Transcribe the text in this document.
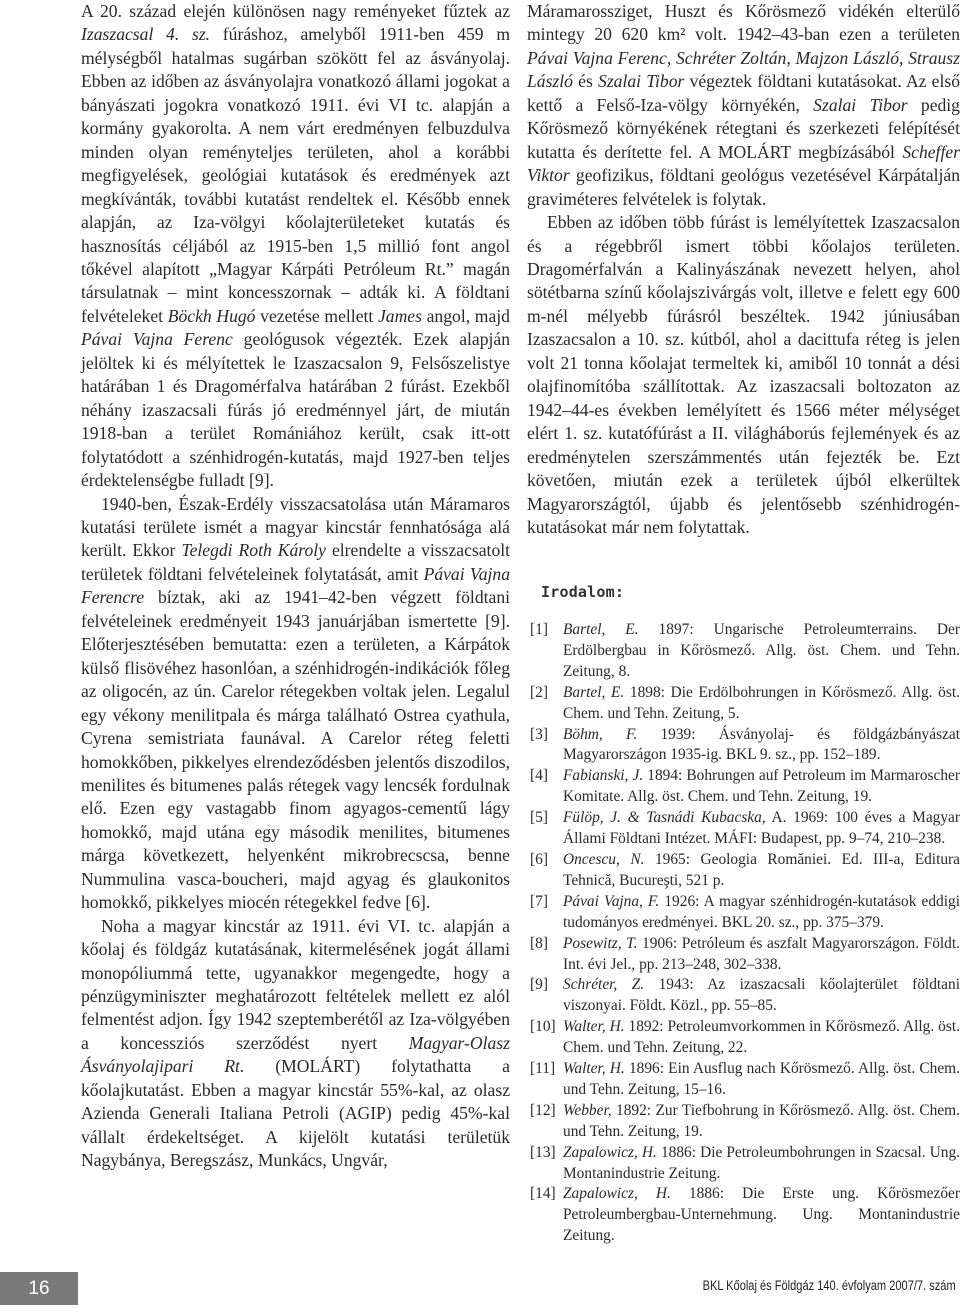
A 20. század elején különösen nagy reményeket fűztek az Izaszacsal 4. sz. fúráshoz, amelyből 1911-ben 459 m mélységből hatalmas sugárban szökött fel az ásványolaj. Ebben az időben az ásványolajra vonatkozó állami jogokat a bányászati jogokra vonatkozó 1911. évi VI tc. alapján a kormány gyakorolta. A nem várt eredményen felbuzdulva minden olyan reményteljes területen, ahol a korábbi megfigyelések, geológiai kutatások és eredmények azt megkívánták, további kutatást rendeltek el. Később ennek alapján, az Iza-völgyi kőolajterületeket kutatás és hasznosítás céljából az 1915-ben 1,5 millió font angol tőkével alapított „Magyar Kárpáti Petróleum Rt.” magán társulatnak – mint koncesszornak – adták ki. A földtani felvételeket Böckh Hugó vezetése mellett James angol, majd Pávai Vajna Ferenc geológusok végezték. Ezek alapján jelöltek ki és mélyítettek le Izaszacsalon 9, Felsőszelistye határában 1 és Dragomérfalva határában 2 fúrást. Ezekből néhány izaszacsali fúrás jó eredménnyel járt, de miután 1918-ban a terület Romániához került, csak itt-ott folytatódott a szénhidrogén-kutatás, majd 1927-ben teljes érdektelenségbe fulladt [9].

1940-ben, Észak-Erdély visszacsatolása után Máramaros kutatási területe ismét a magyar kincstár fennhatósága alá került. Ekkor Telegdi Roth Károly elrendelte a visszacsatolt területek földtani felvételeinek folytatását, amit Pávai Vajna Ferencre bíztak, aki az 1941–42-ben végzett földtani felvételeinek eredményeit 1943 januárjában ismertette [9]. Előterjesztésében bemutatta: ezen a területen, a Kárpátok külső flisövéhez hasonlóan, a szénhidrogén-indikációk főleg az oligocén, az ún. Carelor rétegekben voltak jelen. Legalul egy vékony menilitpala és márga található Ostrea cyathula, Cyrena semistriata faunával. A Carelor réteg feletti homokkőben, pikkelyes elrendeződésben jelentős diszodilos, menilites és bitumenes palás rétegek vagy lencsék fordulnak elő. Ezen egy vastagabb finom agyagos-cementű lágy homokkő, majd utána egy második menilites, bitumenes márga következett, helyenként mikrobrecscsa, benne Nummulina vasca-boucheri, majd agyag és glaukonitos homokkő, pikkelyes miocén rétegekkel fedve [6].

Noha a magyar kincstár az 1911. évi VI. tc. alapján a kőolaj és földgáz kutatásának, kitermelésének jogát állami monopóliummá tette, ugyanakkor megengedte, hogy a pénzügyminiszter meghatározott feltételek mellett ez alól felmentést adjon. Így 1942 szeptemberétől az Iza-völgyében a koncessziós szerződést nyert Magyar-Olasz Ásványolajipari Rt. (MOLÁRT) folytathatta a kőolajkutatást. Ebben a magyar kincstár 55%-kal, az olasz Azienda Generali Italiana Petroli (AGIP) pedig 45%-kal vállalt érdekeltséget. A kijelölt kutatási területük Nagybánya, Beregszász, Munkács, Ungvár,

Máramarossziget, Huszt és Kőrösmező vidékén elterülő mintegy 20 620 km² volt. 1942–43-ban ezen a területen Pávai Vajna Ferenc, Schréter Zoltán, Majzon László, Strausz László és Szalai Tibor végeztek földtani kutatásokat. Az első kettő a Felső-Iza-völgy környékén, Szalai Tibor pedig Kőrösmező környékének rétegtani és szerkezeti felépítését kutatta és derítette fel. A MOLÁRT megbízásából Scheffer Viktor geofizikus, földtani geológus vezetésével Kárpátalján graviméteres felvételek is folytak.

Ebben az időben több fúrást is lemélyítettek Izaszacsalon és a régebbről ismert többi kőolajos területen. Dragomérfalván a Kalinyászának nevezett helyen, ahol sötétbarna színű kőolajszivárgás volt, illetve e felett egy 600 m-nél mélyebb fúrásról beszéltek. 1942 júniusában Izaszacsalon a 10. sz. kútból, ahol a dacittufa réteg is jelen volt 21 tonna kőolajat termeltek ki, amiből 10 tonnát a dési olajfinomítóba szállítottak. Az izaszacsali boltozaton az 1942–44-es években lemélyített és 1566 méter mélységet elért 1. sz. kutatófúrást a II. világháborús fejlemények és az eredménytelen szerszámmentés után fejezték be. Ezt követően, miután ezek a területek újból elkerültek Magyarországtól, újabb és jelentősebb szénhidrogén-kutatásokat már nem folytattak.

Irodalom:
[1] Bartel, E. 1897: Ungarische Petroleumterrains. Der Erdölbergbau in Kőrösmező. Allg. öst. Chem. und Tehn. Zeitung, 8.
[2] Bartel, E. 1898: Die Erdölbohrungen in Kőrösmező. Allg. öst. Chem. und Tehn. Zeitung, 5.
[3] Böhm, F. 1939: Ásványolaj- és földgázbányászat Magyarországon 1935-ig. BKL 9. sz., pp. 152–189.
[4] Fabianski, J. 1894: Bohrungen auf Petroleum im Marmaroscher Komitate. Allg. öst. Chem. und Tehn. Zeitung, 19.
[5] Fülöp, J. & Tasnádi Kubacska, A. 1969: 100 éves a Magyar Állami Földtani Intézet. MÁFI: Budapest, pp. 9–74, 210–238.
[6] Oncescu, N. 1965: Geologia Romăniei. Ed. III-a, Editura Tehnică, Bucureşti, 521 p.
[7] Pávai Vajna, F. 1926: A magyar szénhidrogén-kutatások eddigi tudományos eredményei. BKL 20. sz., pp. 375–379.
[8] Posewitz, T. 1906: Petróleum és aszfalt Magyarországon. Földt. Int. évi Jel., pp. 213–248, 302–338.
[9] Schréter, Z. 1943: Az izaszacsali kőolajterület földtani viszonyai. Földt. Közl., pp. 55–85.
[10] Walter, H. 1892: Petroleumvorkommen in Kőrösmező. Allg. öst. Chem. und Tehn. Zeitung, 22.
[11] Walter, H. 1896: Ein Ausflug nach Kőrösmező. Allg. öst. Chem. und Tehn. Zeitung, 15–16.
[12] Webber, 1892: Zur Tiefbohrung in Kőrösmező. Allg. öst. Chem. und Tehn. Zeitung, 19.
[13] Zapalowicz, H. 1886: Die Petroleumbohrungen in Szacsal. Ung. Montanindustrie Zeitung.
[14] Zapalowicz, H. 1886: Die Erste ung. Kőrösmezőer Petroleumbergbau-Unternehmung. Ung. Montanindustrie Zeitung.
16	BKL Kőolaj és Földgáz 140. évfolyam 2007/7. szám
